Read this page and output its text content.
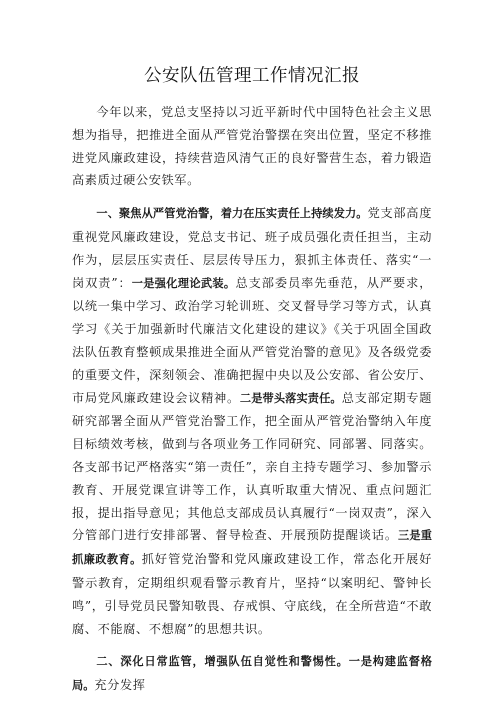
公安队伍管理工作情况汇报

今年以来，党总支坚持以习近平新时代中国特色社会主义思想为指导，把推进全面从严管党治警摆在突出位置，坚定不移推进党风廉政建设，持续营造风清气正的良好警营生态，着力锻造高素质过硬公安铁军。

一、聚焦从严管党治警，着力在压实责任上持续发力。党支部高度重视党风廉政建设，党总支书记、班子成员强化责任担当，主动作为，层层压实责任、层层传导压力，狠抓主体责任、落实“一岗双责”：一是强化理论武装。总支部委员率先垂范，从严要求，以统一集中学习、政治学习轮训班、交叉督导学习等方式，认真学习《关于加强新时代廉洁文化建设的建议》《关于巩固全国政法队伍教育整顿成果推进全面从严管党治警的意见》及各级党委的重要文件，深刻领会、准确把握中央以及公安部、省公安厅、市局党风廉政建设会议精神。二是带头落实责任。总支部定期专题研究部署全面从严管党治警工作，把全面从严管党治警纳入年度目标绩效考核，做到与各项业务工作同研究、同部署、同落实。各支部书记严格落实“第一责任”，亲自主持专题学习、参加警示教育、开展党课宣讲等工作，认真听取重大情况、重点问题汇报，提出指导意见；其他总支部成员认真履行“一岗双责”，深入分管部门进行安排部署、督导检查、开展预防提醒谈话。三是重抓廉政教育。抓好管党治警和党风廉政建设工作，常态化开展好警示教育，定期组织观看警示教育片，坚持“以案明纪、警钟长鸣”，引导党员民警知敬畏、存戒惧、守底线，在全所营造“不敢腐、不能腐、不想腐”的思想共识。

二、深化日常监管，增强队伍自觉性和警惕性。一是构建监督格局。充分发挥
